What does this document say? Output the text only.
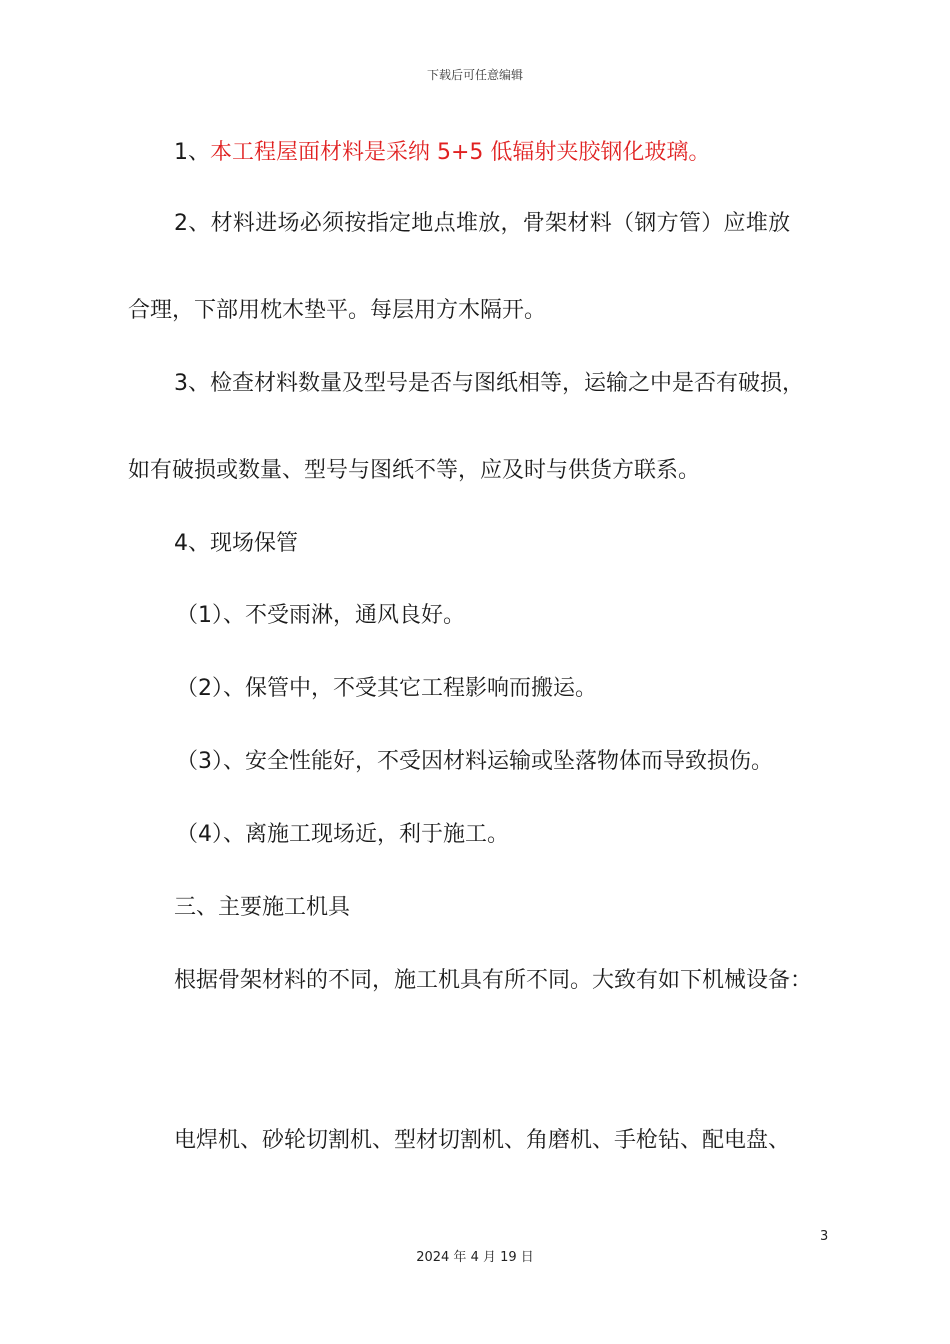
下载后可任意编辑
1、本工程屋面材料是采纳 5+5 低辐射夹胶钢化玻璃。
2、材料进场必须按指定地点堆放，骨架材料（钢方管）应堆放
合理，下部用枕木垫平。每层用方木隔开。
3、检查材料数量及型号是否与图纸相等，运输之中是否有破损，
如有破损或数量、型号与图纸不等，应及时与供货方联系。
4、现场保管
（1）、不受雨淋，通风良好。
（2）、保管中，不受其它工程影响而搬运。
（3）、安全性能好，不受因材料运输或坠落物体而导致损伤。
（4）、离施工现场近，利于施工。
三、主要施工机具
根据骨架材料的不同，施工机具有所不同。大致有如下机械设备：
电焊机、砂轮切割机、型材切割机、角磨机、手枪钻、配电盘、
3
2024 年 4 月 19 日
